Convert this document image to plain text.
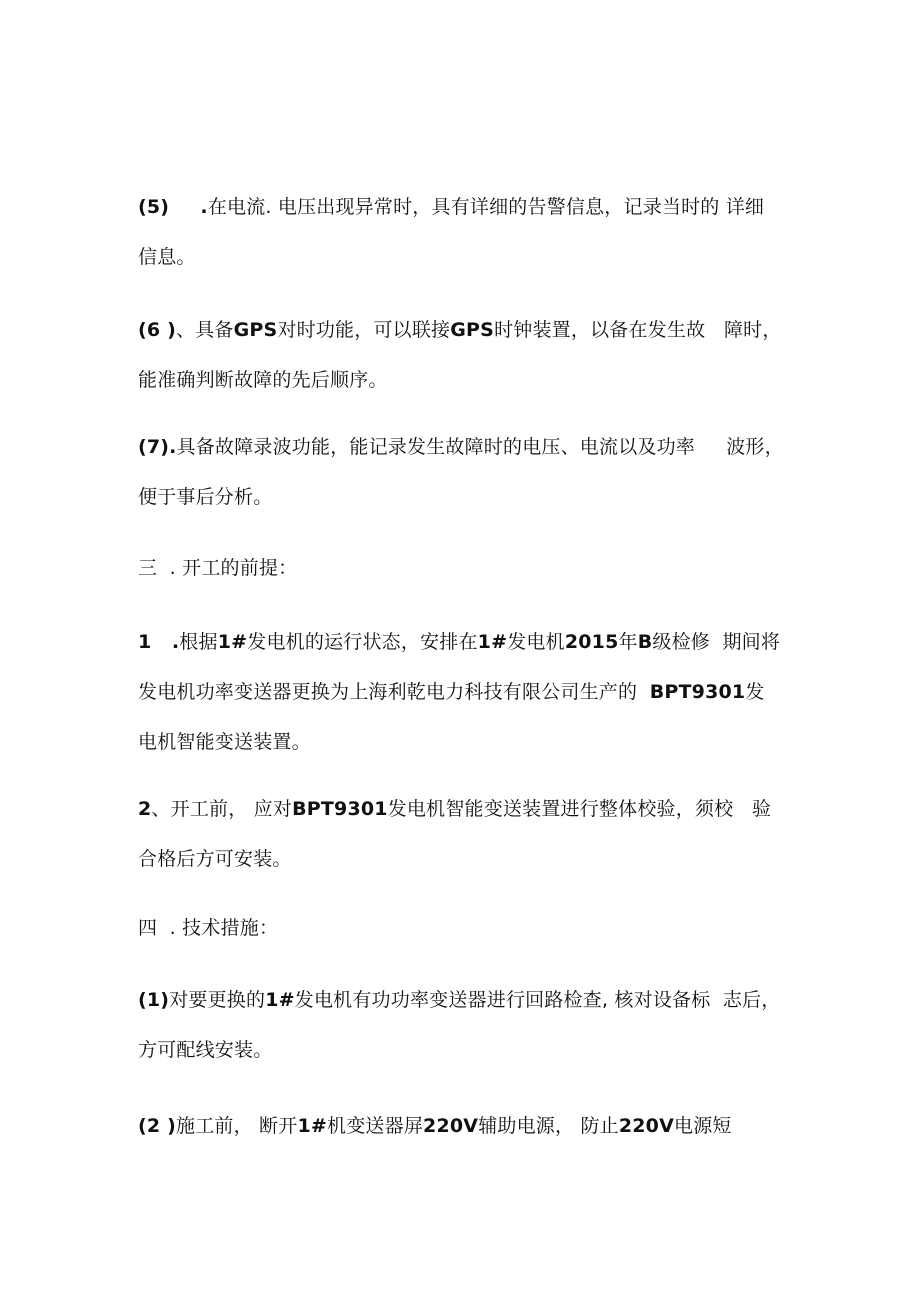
(5) .在电流. 电压出现异常时，具有详细的告警信息，记录当时的 详细
信息。
(6 )、具备GPS对时功能，可以联接GPS时钟装置，以备在发生故   障时，
能准确判断故障的先后顺序。
(7).具备故障录波功能，能记录发生故障时的电压、电流以及功率     波形，
便于事后分析。
三  . 开工的前提：
1   .根据1#发电机的运行状态，安排在1#发电机2015年B级检修  期间将
发电机功率变送器更换为上海利乾电力科技有限公司生产的  BPT9301发
电机智能变送装置。
2、开工前， 应对BPT9301发电机智能变送装置进行整体校验，须校   验
合格后方可安装。
四  . 技术措施：
(1)对要更换的1#发电机有功功率变送器进行回路检查, 核对设备标  志后，
方可配线安装。
(2 )施工前， 断开1#机变送器屏220V辅助电源， 防止220V电源短
